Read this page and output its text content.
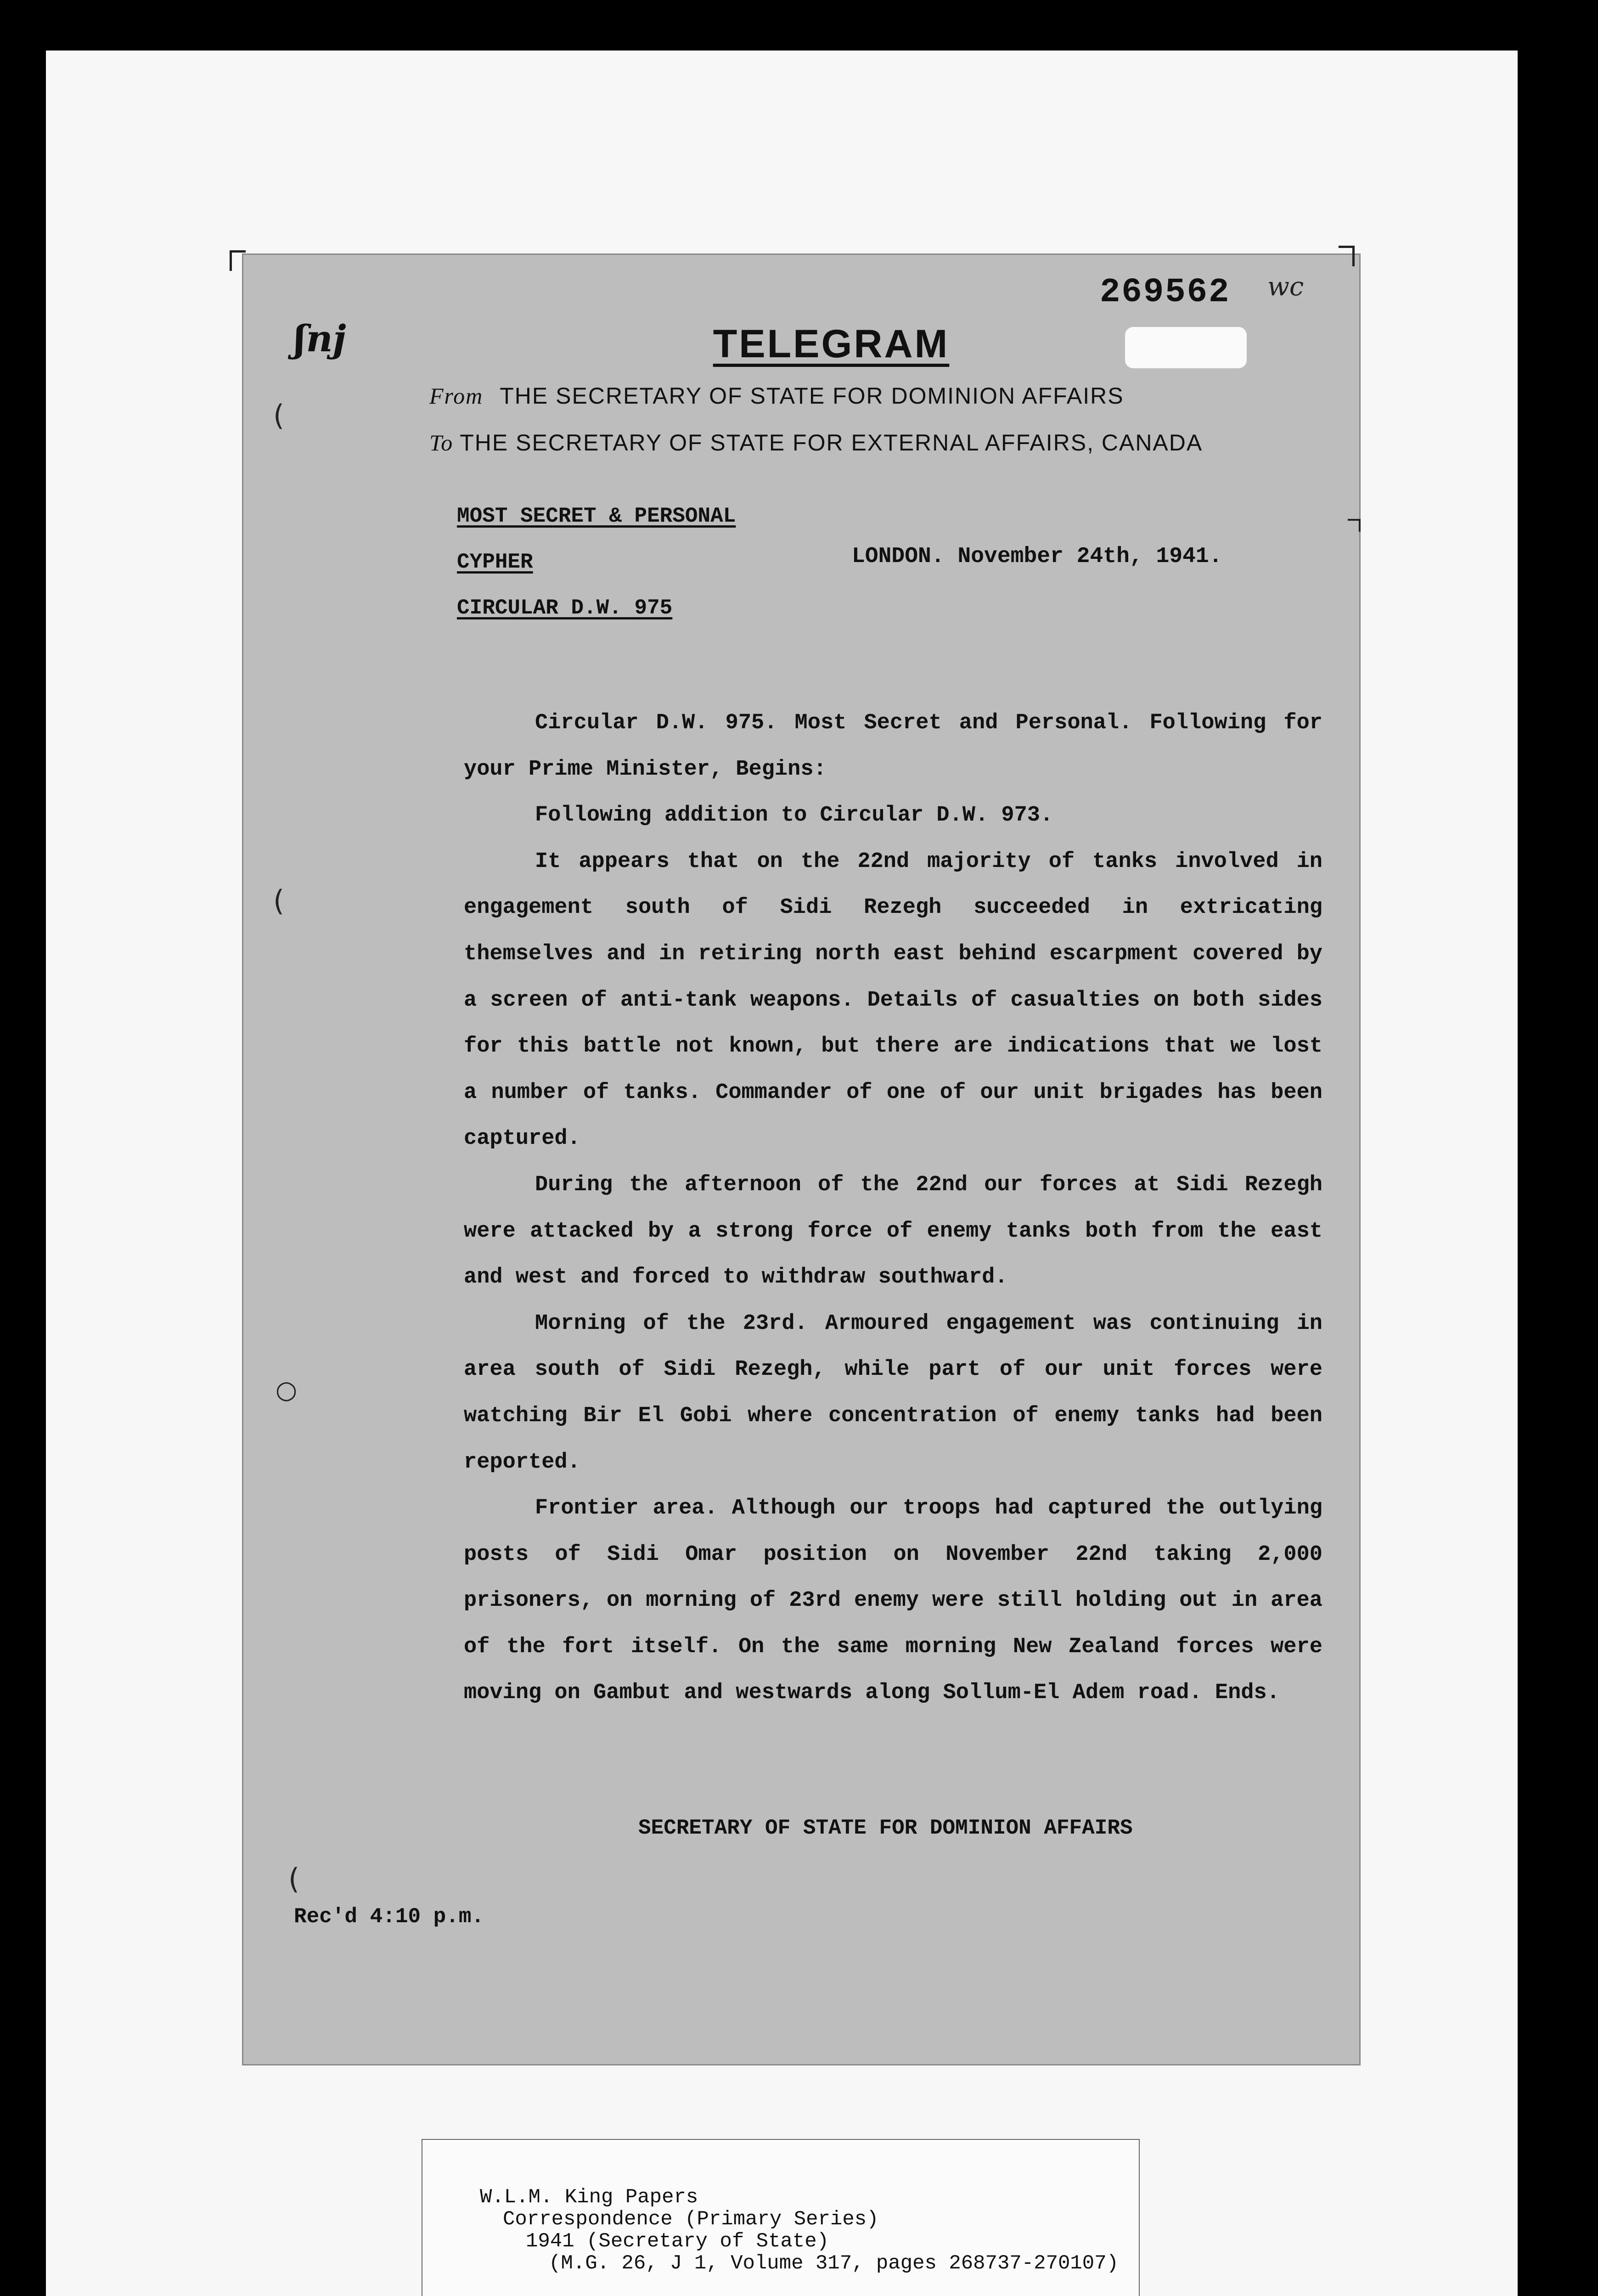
ʃnj
269562 wc
(
(
○
(
TELEGRAM
From THE SECRETARY OF STATE FOR DOMINION AFFAIRS
To THE SECRETARY OF STATE FOR EXTERNAL AFFAIRS, CANADA
MOST SECRET & PERSONAL
CYPHER
CIRCULAR D.W. 975
LONDON. November 24th, 1941.

Circular D.W. 975. Most Secret and Personal. Following for your Prime Minister, Begins:

Following addition to Circular D.W. 973.

It appears that on the 22nd majority of tanks involved in engagement south of Sidi Rezegh succeeded in extricating themselves and in retiring north east behind escarpment covered by a screen of anti-tank weapons. Details of casualties on both sides for this battle not known, but there are indications that we lost a number of tanks. Commander of one of our unit brigades has been captured.

During the afternoon of the 22nd our forces at Sidi Rezegh were attacked by a strong force of enemy tanks both from the east and west and forced to withdraw southward.

Morning of the 23rd. Armoured engagement was continuing in area south of Sidi Rezegh, while part of our unit forces were watching Bir El Gobi where concentration of enemy tanks had been reported.

Frontier area. Although our troops had captured the outlying posts of Sidi Omar position on November 22nd taking 2,000 prisoners, on morning of 23rd enemy were still holding out in area of the fort itself. On the same morning New Zealand forces were moving on Gambut and westwards along Sollum-El Adem road. Ends.

SECRETARY OF STATE FOR DOMINION AFFAIRS
Rec'd 4:10 p.m.
W.L.M. King Papers
Correspondence (Primary Series)
1941 (Secretary of State)
(M.G. 26, J 1, Volume 317, pages 268737-270107)
